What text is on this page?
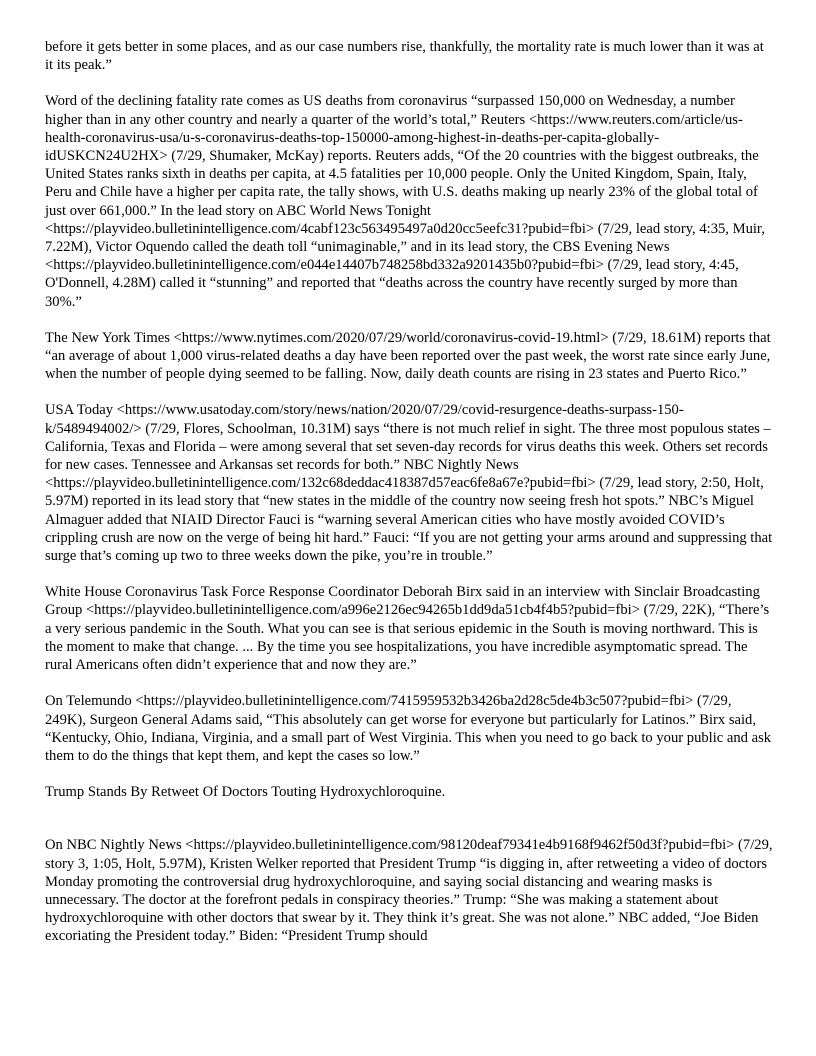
before it gets better in some places, and as our case numbers rise, thankfully, the mortality rate is much lower than it was at it its peak.”

Word of the declining fatality rate comes as US deaths from coronavirus “surpassed 150,000 on Wednesday, a number higher than in any other country and nearly a quarter of the world’s total,” Reuters <https://www.reuters.com/article/us-health-coronavirus-usa/u-s-coronavirus-deaths-top-150000-among-highest-in-deaths-per-capita-globally-idUSKCN24U2HX> (7/29, Shumaker, McKay) reports. Reuters adds, “Of the 20 countries with the biggest outbreaks, the United States ranks sixth in deaths per capita, at 4.5 fatalities per 10,000 people. Only the United Kingdom, Spain, Italy, Peru and Chile have a higher per capita rate, the tally shows, with U.S. deaths making up nearly 23% of the global total of just over 661,000.” In the lead story on ABC World News Tonight <https://playvideo.bulletinintelligence.com/4cabf123c563495497a0d20cc5eefc31?pubid=fbi> (7/29, lead story, 4:35, Muir, 7.22M), Victor Oquendo called the death toll “unimaginable,” and in its lead story, the CBS Evening News <https://playvideo.bulletinintelligence.com/e044e14407b748258bd332a9201435b0?pubid=fbi> (7/29, lead story, 4:45, O'Donnell, 4.28M) called it “stunning” and reported that “deaths across the country have recently surged by more than 30%.”

The New York Times <https://www.nytimes.com/2020/07/29/world/coronavirus-covid-19.html> (7/29, 18.61M) reports that “an average of about 1,000 virus-related deaths a day have been reported over the past week, the worst rate since early June, when the number of people dying seemed to be falling. Now, daily death counts are rising in 23 states and Puerto Rico.”

USA Today <https://www.usatoday.com/story/news/nation/2020/07/29/covid-resurgence-deaths-surpass-150-k/5489494002/> (7/29, Flores, Schoolman, 10.31M) says “there is not much relief in sight. The three most populous states – California, Texas and Florida – were among several that set seven-day records for virus deaths this week. Others set records for new cases. Tennessee and Arkansas set records for both.” NBC Nightly News <https://playvideo.bulletinintelligence.com/132c68deddac418387d57eac6fe8a67e?pubid=fbi> (7/29, lead story, 2:50, Holt, 5.97M) reported in its lead story that “new states in the middle of the country now seeing fresh hot spots.” NBC’s Miguel Almaguer added that NIAID Director Fauci is “warning several American cities who have mostly avoided COVID’s crippling crush are now on the verge of being hit hard.” Fauci: “If you are not getting your arms around and suppressing that surge that’s coming up two to three weeks down the pike, you’re in trouble.”

White House Coronavirus Task Force Response Coordinator Deborah Birx said in an interview with Sinclair Broadcasting Group <https://playvideo.bulletinintelligence.com/a996e2126ec94265b1dd9da51cb4f4b5?pubid=fbi> (7/29, 22K), “There’s a very serious pandemic in the South. What you can see is that serious epidemic in the South is moving northward. This is the moment to make that change. ... By the time you see hospitalizations, you have incredible asymptomatic spread. The rural Americans often didn’t experience that and now they are.”

On Telemundo <https://playvideo.bulletinintelligence.com/7415959532b3426ba2d28c5de4b3c507?pubid=fbi> (7/29, 249K), Surgeon General Adams said, “This absolutely can get worse for everyone but particularly for Latinos.” Birx said, “Kentucky, Ohio, Indiana, Virginia, and a small part of West Virginia. This when you need to go back to your public and ask them to do the things that kept them, and kept the cases so low.”

Trump Stands By Retweet Of Doctors Touting Hydroxychloroquine.

On NBC Nightly News <https://playvideo.bulletinintelligence.com/98120deaf79341e4b9168f9462f50d3f?pubid=fbi> (7/29, story 3, 1:05, Holt, 5.97M), Kristen Welker reported that President Trump “is digging in, after retweeting a video of doctors Monday promoting the controversial drug hydroxychloroquine, and saying social distancing and wearing masks is unnecessary. The doctor at the forefront pedals in conspiracy theories.” Trump: “She was making a statement about hydroxychloroquine with other doctors that swear by it. They think it’s great. She was not alone.” NBC added, “Joe Biden excoriating the President today.” Biden: “President Trump should
